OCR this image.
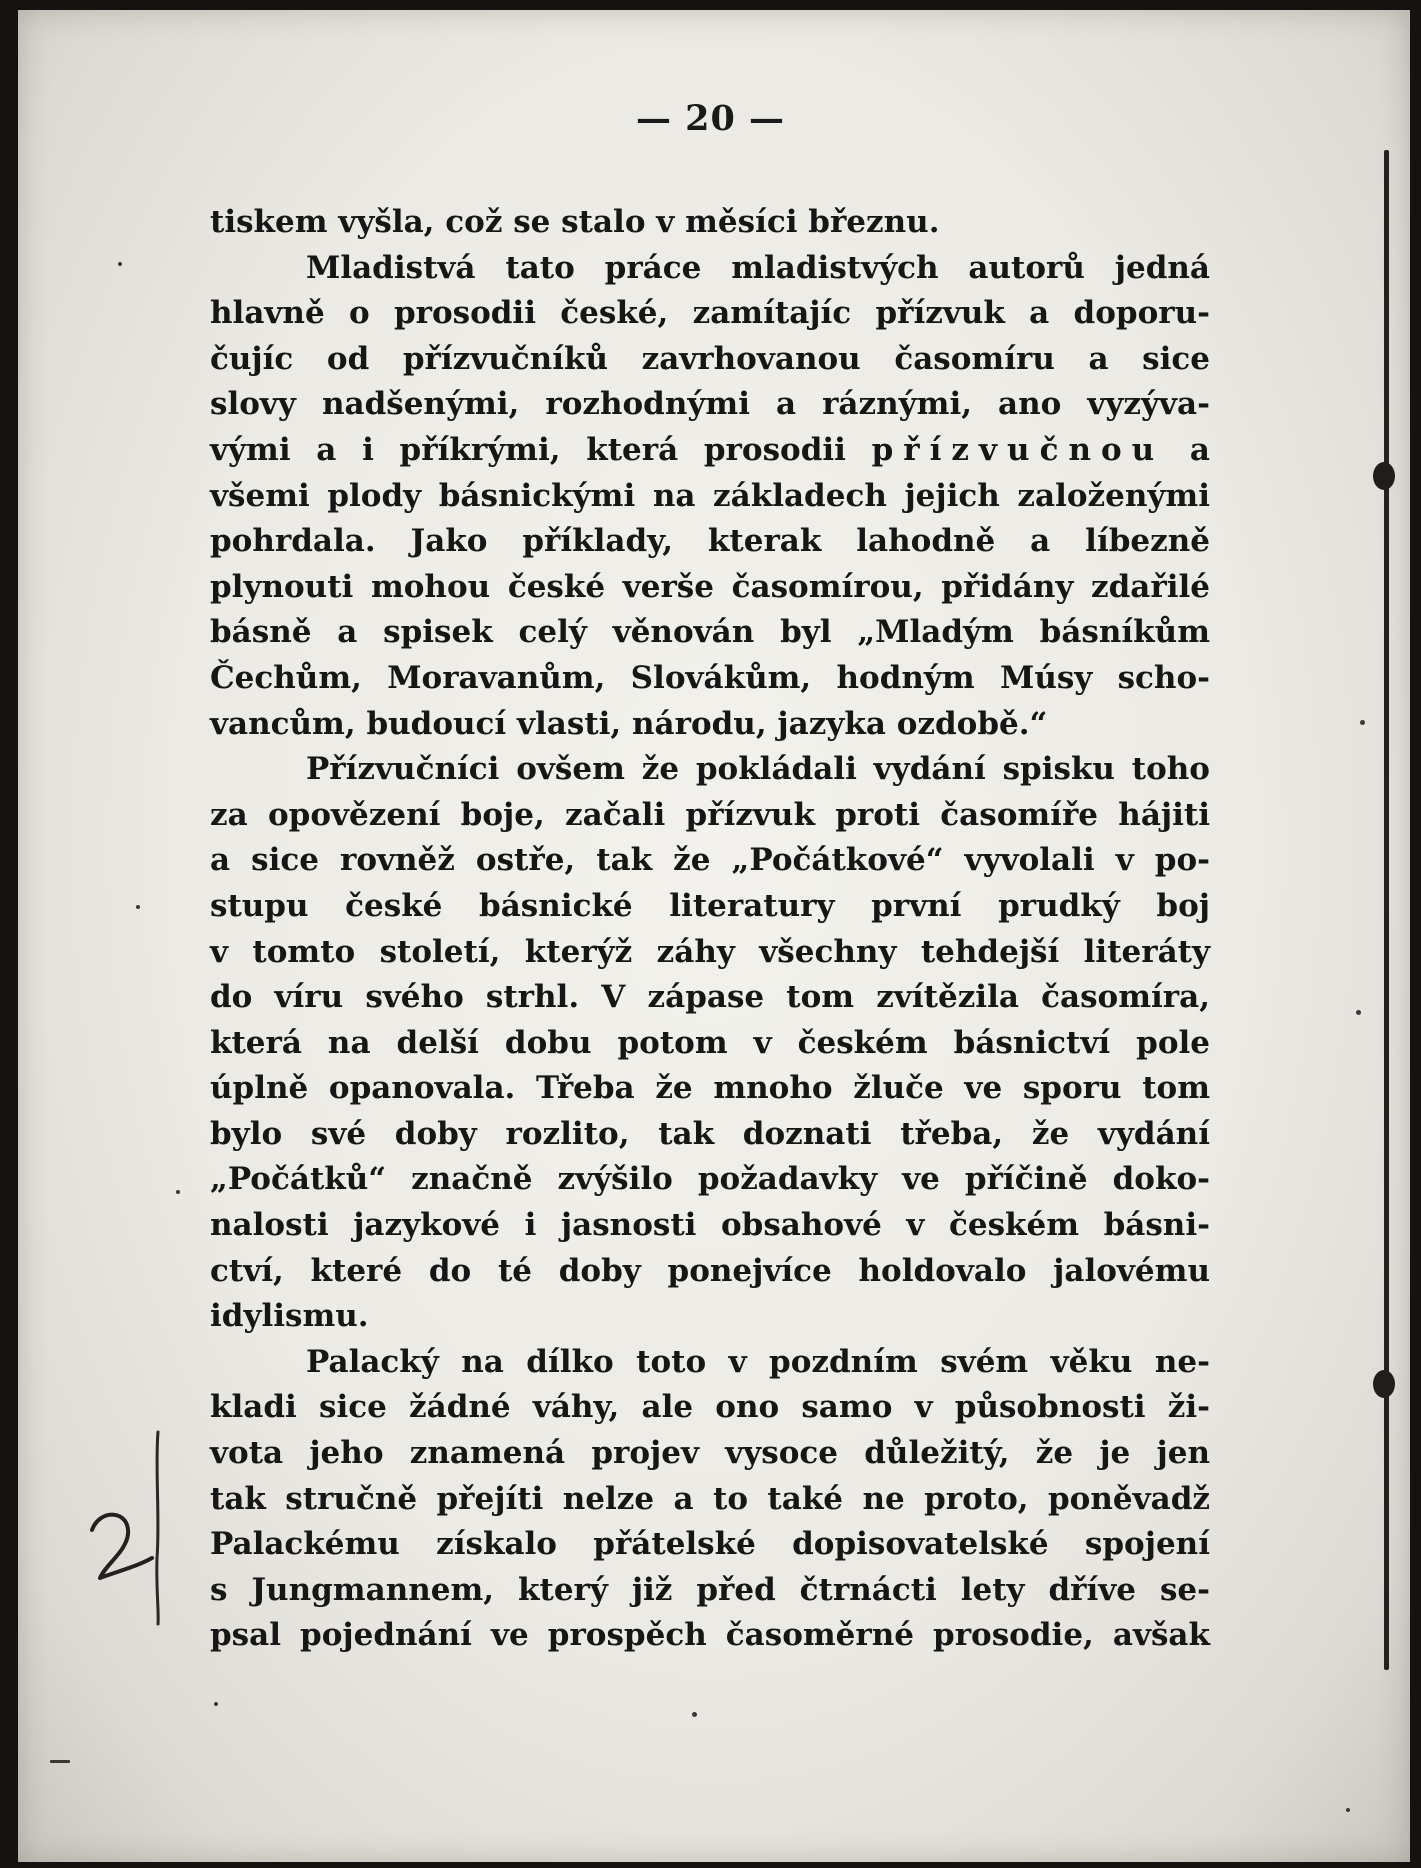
— 20 —
tiskem vyšla, což se stalo v měsíci březnu.
Mladistvá tato práce mladistvých autorů jedná
hlavně o prosodii české, zamítajíc přízvuk a doporu-
čujíc od přízvučníků zavrhovanou časomíru a sice
slovy nadšenými, rozhodnými a ráznými, ano vyzýva-
vými a i příkrými, která prosodii přízvučnou a
všemi plody básnickými na základech jejich založenými
pohrdala. Jako příklady, kterak lahodně a líbezně
plynouti mohou české verše časomírou, přidány zdařilé
básně a spisek celý věnován byl „Mladým básníkům
Čechům, Moravanům, Slovákům, hodným Músy scho-
vancům, budoucí vlasti, národu, jazyka ozdobě.“
Přízvučníci ovšem že pokládali vydání spisku toho
za opovězení boje, začali přízvuk proti časomíře hájiti
a sice rovněž ostře, tak že „Počátkové“ vyvolali v po-
stupu české básnické literatury první prudký boj
v tomto století, kterýž záhy všechny tehdejší literáty
do víru svého strhl. V zápase tom zvítězila časomíra,
která na delší dobu potom v českém básnictví pole
úplně opanovala. Třeba že mnoho žluče ve sporu tom
bylo své doby rozlito, tak doznati třeba, že vydání
„Počátků“ značně zvýšilo požadavky ve příčině doko-
nalosti jazykové i jasnosti obsahové v českém básni-
ctví, které do té doby ponejvíce holdovalo jalovému
idylismu.
Palacký na dílko toto v pozdním svém věku ne-
kladi sice žádné váhy, ale ono samo v působnosti ži-
vota jeho znamená projev vysoce důležitý, že je jen
tak stručně přejíti nelze a to také ne proto, poněvadž
Palackému získalo přátelské dopisovatelské spojení
s Jungmannem, který již před čtrnácti lety dříve se-
psal pojednání ve prospěch časoměrné prosodie, avšak
